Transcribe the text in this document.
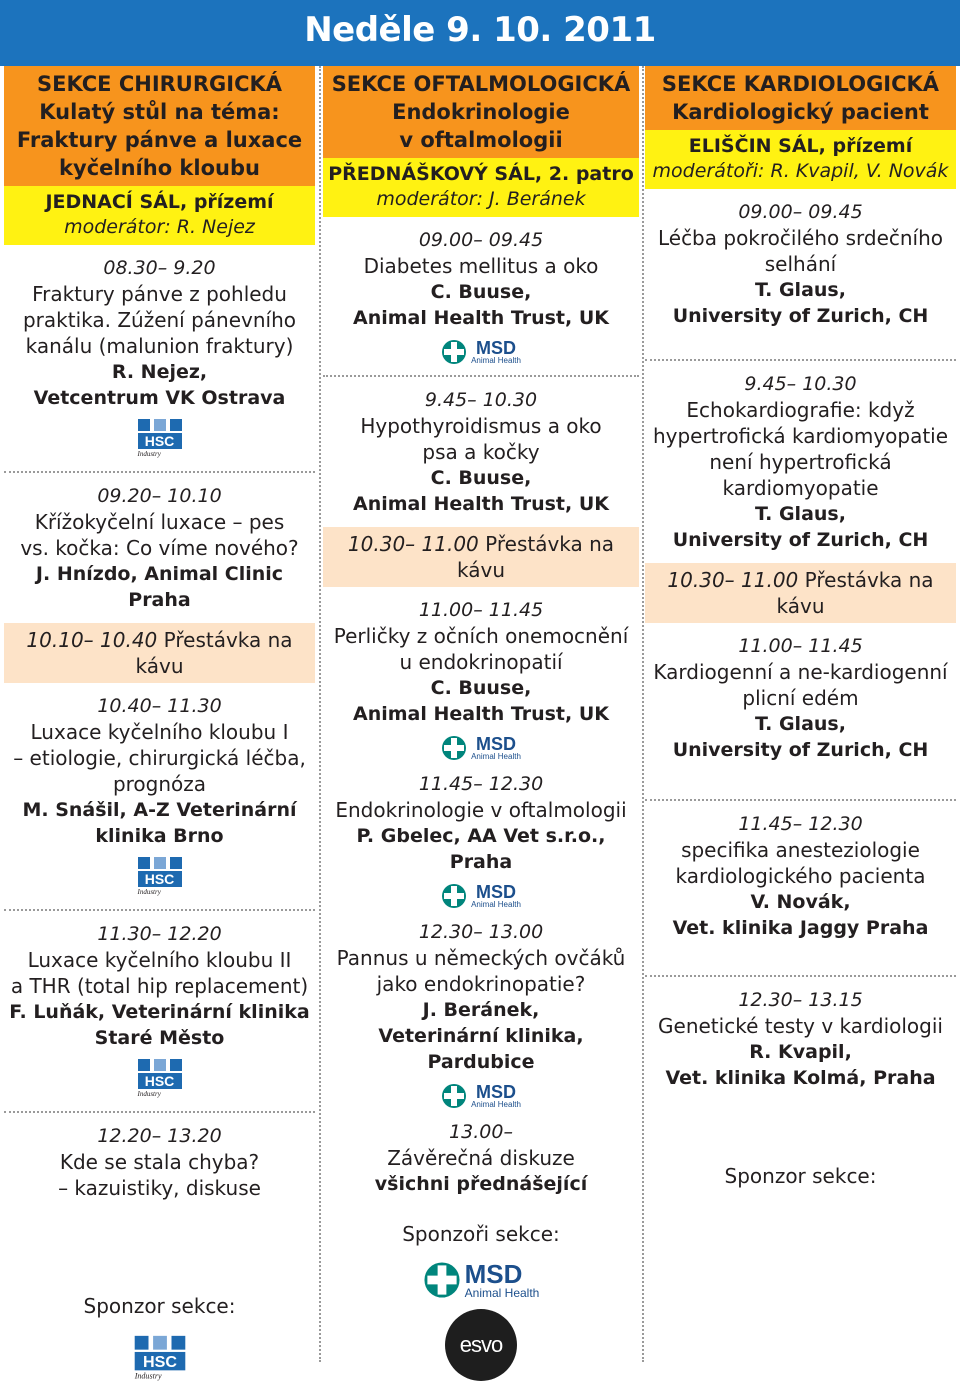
Neděle 9. 10. 2011
SEKCE CHIRURGICKÁ
Kulatý stůl na téma:
Fraktury pánve a luxace
kyčelního kloubu
JEDNACÍ SÁL, přízemí
moderátor: R. Nejez
08.30– 9.20
Fraktury pánve z pohledu
praktika. Zúžení pánevního
kanálu (malunion fraktury)
R. Nejez,
Vetcentrum VK Ostrava
HSC
Industry
09.20– 10.10
Křížokyčelní luxace – pes
vs. kočka: Co víme nového?
J. Hnízdo, Animal Clinic Praha
10.10– 10.40 Přestávka na kávu
10.40– 11.30
Luxace kyčelního kloubu I
– etiologie, chirurgická léčba,
prognóza
M. Snášil, A-Z Veterinární
klinika Brno
HSC
Industry
11.30– 12.20
Luxace kyčelního kloubu II
a THR (total hip replacement)
F. Luňák, Veterinární klinika
Staré Město
HSC
Industry
12.20– 13.20
Kde se stala chyba?
– kazuistiky, diskuse
Sponzor sekce:
HSC
Industry
SEKCE OFTALMOLOGICKÁ
Endokrinologie
v oftalmologii
PŘEDNÁŠKOVÝ SÁL, 2. patro
moderátor: J. Beránek
09.00– 09.45
Diabetes mellitus a oko
C. Buuse,
Animal Health Trust, UK
MSD
Animal Health
9.45– 10.30
Hypothyroidismus a oko
psa a kočky
C. Buuse,
Animal Health Trust, UK
10.30– 11.00 Přestávka na kávu
11.00– 11.45
Perličky z očních onemocnění
u endokrinopatií
C. Buuse,
Animal Health Trust, UK
MSD
Animal Health
11.45– 12.30
Endokrinologie v oftalmologii
P. Gbelec, AA Vet s.r.o., Praha
MSD
Animal Health
12.30– 13.00
Pannus u německých ovčáků
jako endokrinopatie?
J. Beránek,
Veterinární klinika, Pardubice
MSD
Animal Health
13.00–
Závěrečná diskuze
všichni přednášející
Sponzoři sekce:
MSD
Animal Health
esvo
SEKCE KARDIOLOGICKÁ
Kardiologický pacient
ELIŠČIN SÁL, přízemí
moderátoři: R. Kvapil, V. Novák
09.00– 09.45
Léčba pokročilého srdečního
selhání
T. Glaus,
University of Zurich, CH
9.45– 10.30
Echokardiografie: když
hypertrofická kardiomyopatie
není hypertrofická
kardiomyopatie
T. Glaus,
University of Zurich, CH
10.30– 11.00 Přestávka na kávu
11.00– 11.45
Kardiogenní a ne-kardiogenní
plicní edém
T. Glaus,
University of Zurich, CH
11.45– 12.30
specifika anesteziologie
kardiologického pacienta
V. Novák,
Vet. klinika Jaggy Praha
12.30– 13.15
Genetické testy v kardiologii
R. Kvapil,
Vet. klinika Kolmá, Praha
Sponzor sekce:
